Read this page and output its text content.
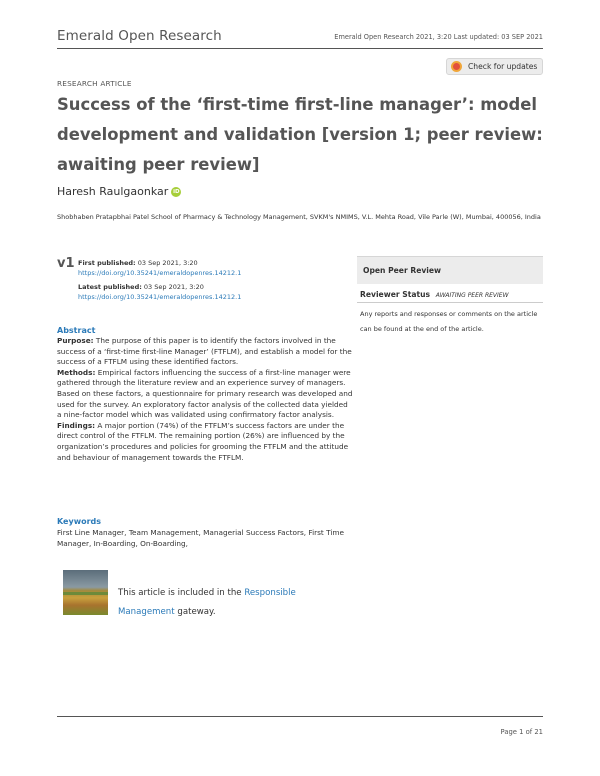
Emerald Open Research	Emerald Open Research 2021, 3:20 Last updated: 03 SEP 2021
RESEARCH ARTICLE
Check for updates
Success of the ‘first-time first-line manager’: model development and validation [version 1; peer review: awaiting peer review]
Haresh Raulgaonkar iD
Shobhaben Pratapbhai Patel School of Pharmacy & Technology Management, SVKM's NMIMS, V.L. Mehta Road, Vile Parle (W), Mumbai, 400056, India
v1 First published: 03 Sep 2021, 3:20
https://doi.org/10.35241/emeraldopenres.14212.1
Latest published: 03 Sep 2021, 3:20
https://doi.org/10.35241/emeraldopenres.14212.1
Open Peer Review
Reviewer Status AWAITING PEER REVIEW
Any reports and responses or comments on the article can be found at the end of the article.
Abstract

Purpose: The purpose of this paper is to identify the factors involved in the success of a ‘first-time first-line Manager’ (FTFLM), and establish a model for the success of a FTFLM using these identified factors.

Methods: Empirical factors influencing the success of a first-line manager were gathered through the literature review and an experience survey of managers. Based on these factors, a questionnaire for primary research was developed and used for the survey. An exploratory factor analysis of the collected data yielded a nine-factor model which was validated using confirmatory factor analysis.

Findings: A major portion (74%) of the FTFLM’s success factors are under the direct control of the FTFLM. The remaining portion (26%) are influenced by the organization’s procedures and policies for grooming the FTFLM and the attitude and behaviour of management towards the FTFLM.

Keywords
First Line Manager, Team Management, Managerial Success Factors, First Time Manager, In-Boarding, On-Boarding,
This article is included in the Responsible Management gateway.
Page 1 of 21
